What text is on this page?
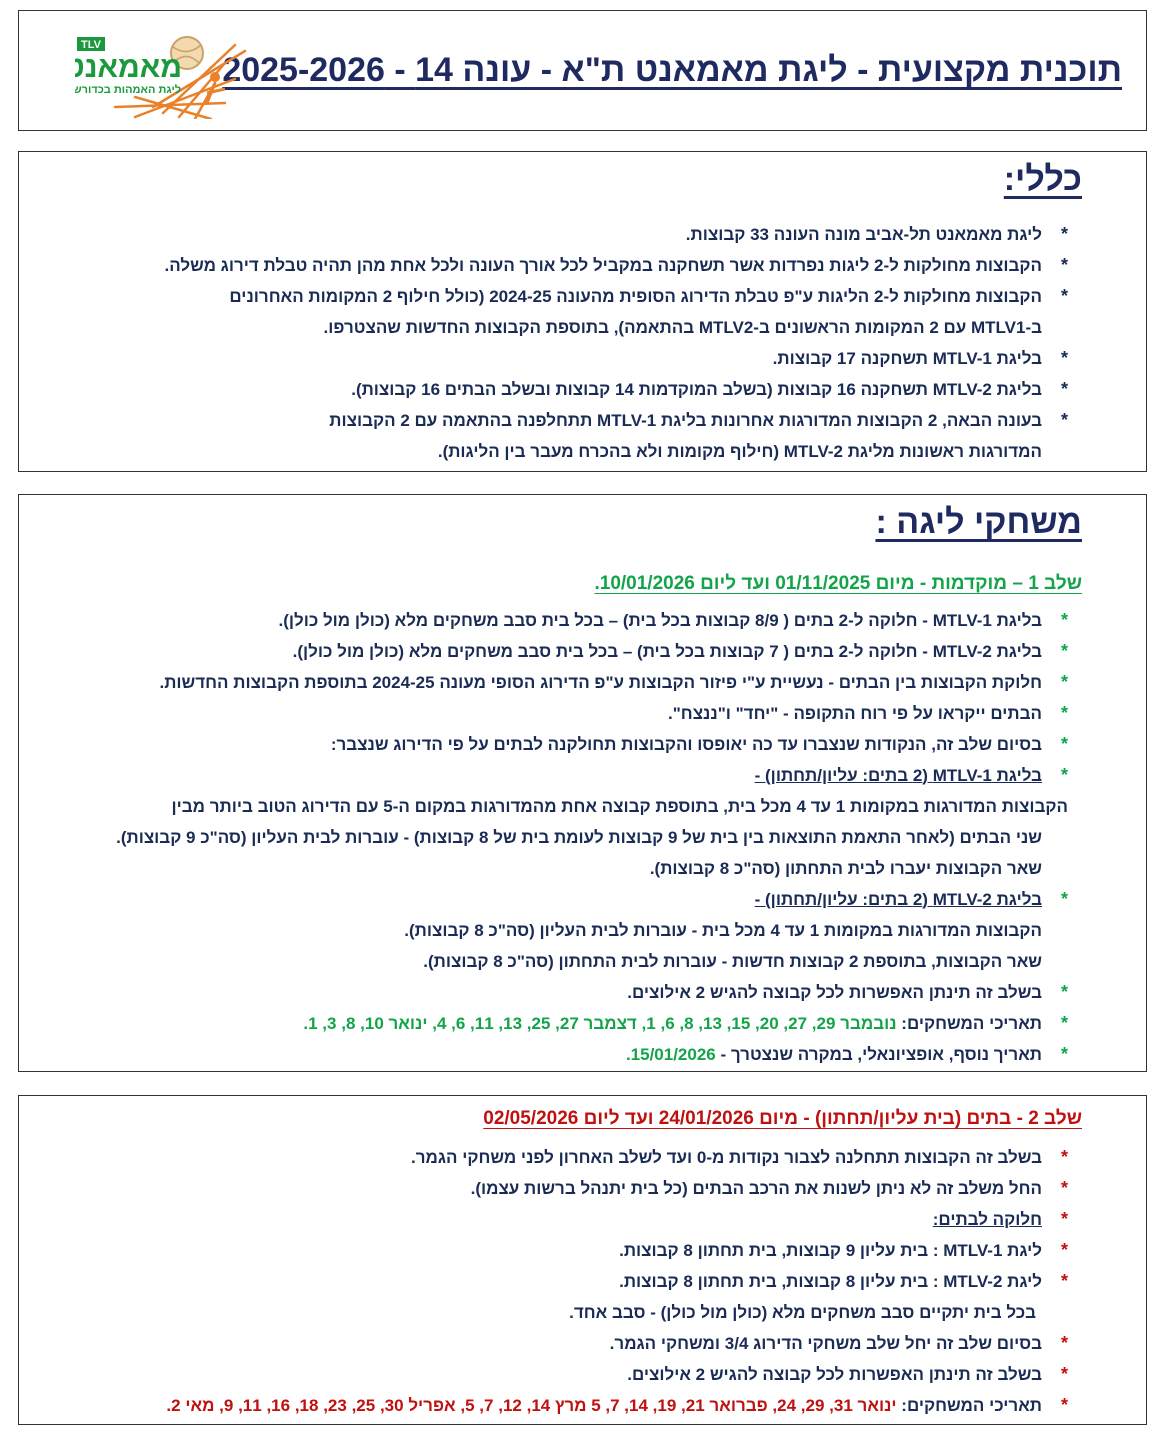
תוכנית מקצועית - ליגת מאמאנט ת"א - עונה 14 - 2025-2026
TLV
מאמאנט
ליגת האמהות בכדורשת
כללי:
*
ליגת מאמאנט תל-אביב מונה העונה 33 קבוצות.
*
הקבוצות מחולקות ל-2 ליגות נפרדות אשר תשחקנה במקביל לכל אורך העונה ולכל אחת מהן תהיה טבלת דירוג משלה.
*
הקבוצות מחולקות ל-2 הליגות ע"פ טבלת הדירוג הסופית מהעונה 2024-25 (כולל חילוף 2 המקומות האחרונים
ב-MTLV1 עם 2 המקומות הראשונים ב-MTLV2 בהתאמה), בתוספת הקבוצות החדשות שהצטרפו.
*
בליגת MTLV-1 תשחקנה 17 קבוצות.
*
בליגת MTLV-2 תשחקנה 16 קבוצות (בשלב המוקדמות 14 קבוצות ובשלב הבתים 16 קבוצות).
*
בעונה הבאה, 2 הקבוצות המדורגות אחרונות בליגת MTLV-1 תתחלפנה בהתאמה עם 2 הקבוצות
המדורגות ראשונות מליגת MTLV-2 (חילוף מקומות ולא בהכרח מעבר בין הליגות).
משחקי ליגה :
שלב 1 – מוקדמות - מיום 01/11/2025 ועד ליום 10/01/2026.
*
בליגת MTLV-1 - חלוקה ל-2 בתים ( 8/9 קבוצות בכל בית) – בכל בית סבב משחקים מלא (כולן מול כולן).
*
בליגת MTLV-2 - חלוקה ל-2 בתים ( 7 קבוצות בכל בית) – בכל בית סבב משחקים מלא (כולן מול כולן).
*
חלוקת הקבוצות בין הבתים - נעשיית ע"י פיזור הקבוצות ע"פ הדירוג הסופי מעונה 2024-25 בתוספת הקבוצות החדשות.
*
הבתים ייקראו על פי רוח התקופה - "יחד" ו"ננצח".
*
בסיום שלב זה, הנקודות שנצברו עד כה יאופסו והקבוצות תחולקנה לבתים על פי הדירוג שנצבר:
*
בליגת MTLV-1 (2 בתים: עליון/תחתון) -
הקבוצות המדורגות במקומות 1 עד 4 מכל בית, בתוספת קבוצה אחת מהמדורגות במקום ה-5 עם הדירוג הטוב ביותר מבין
שני הבתים (לאחר התאמת התוצאות בין בית של 9 קבוצות לעומת בית של 8 קבוצות) - עוברות לבית העליון (סה"כ 9 קבוצות).
שאר הקבוצות יעברו לבית התחתון (סה"כ 8 קבוצות).
*
בליגת MTLV-2 (2 בתים: עליון/תחתון) -
הקבוצות המדורגות במקומות 1 עד 4 מכל בית - עוברות לבית העליון (סה"כ 8 קבוצות).
שאר הקבוצות, בתוספת 2 קבוצות חדשות - עוברות לבית התחתון (סה"כ 8 קבוצות).
*
בשלב זה תינתן האפשרות לכל קבוצה להגיש 2 אילוצים.
*
תאריכי המשחקים: נובמבר 29, 27, 20, 15, 13, 8, 6, 1, דצמבר 27, 25, 13, 11, 6, 4, ינואר 10, 8, 3, 1.
*
תאריך נוסף, אופציונאלי, במקרה שנצטרך - 15/01/2026.
שלב 2 - בתים (בית עליון/תחתון) - מיום 24/01/2026 ועד ליום 02/05/2026
*
בשלב זה הקבוצות תתחלנה לצבור נקודות מ-0 ועד לשלב האחרון לפני משחקי הגמר.
*
החל משלב זה לא ניתן לשנות את הרכב הבתים (כל בית יתנהל ברשות עצמו).
*
חלוקה לבתים:
*
ליגת MTLV-1 : בית עליון 9 קבוצות, בית תחתון 8 קבוצות.
*
ליגת MTLV-2 : בית עליון 8 קבוצות, בית תחתון 8 קבוצות.
בכל בית יתקיים סבב משחקים מלא (כולן מול כולן) - סבב אחד.
*
בסיום שלב זה יחל שלב משחקי הדירוג 3/4 ומשחקי הגמר.
*
בשלב זה תינתן האפשרות לכל קבוצה להגיש 2 אילוצים.
*
תאריכי המשחקים: ינואר 31, 29, 24, פברואר 21, 19, 14, 7, 5 מרץ 14, 12, 7, 5, אפריל 30, 25, 23, 18, 16, 11, 9, מאי 2.
